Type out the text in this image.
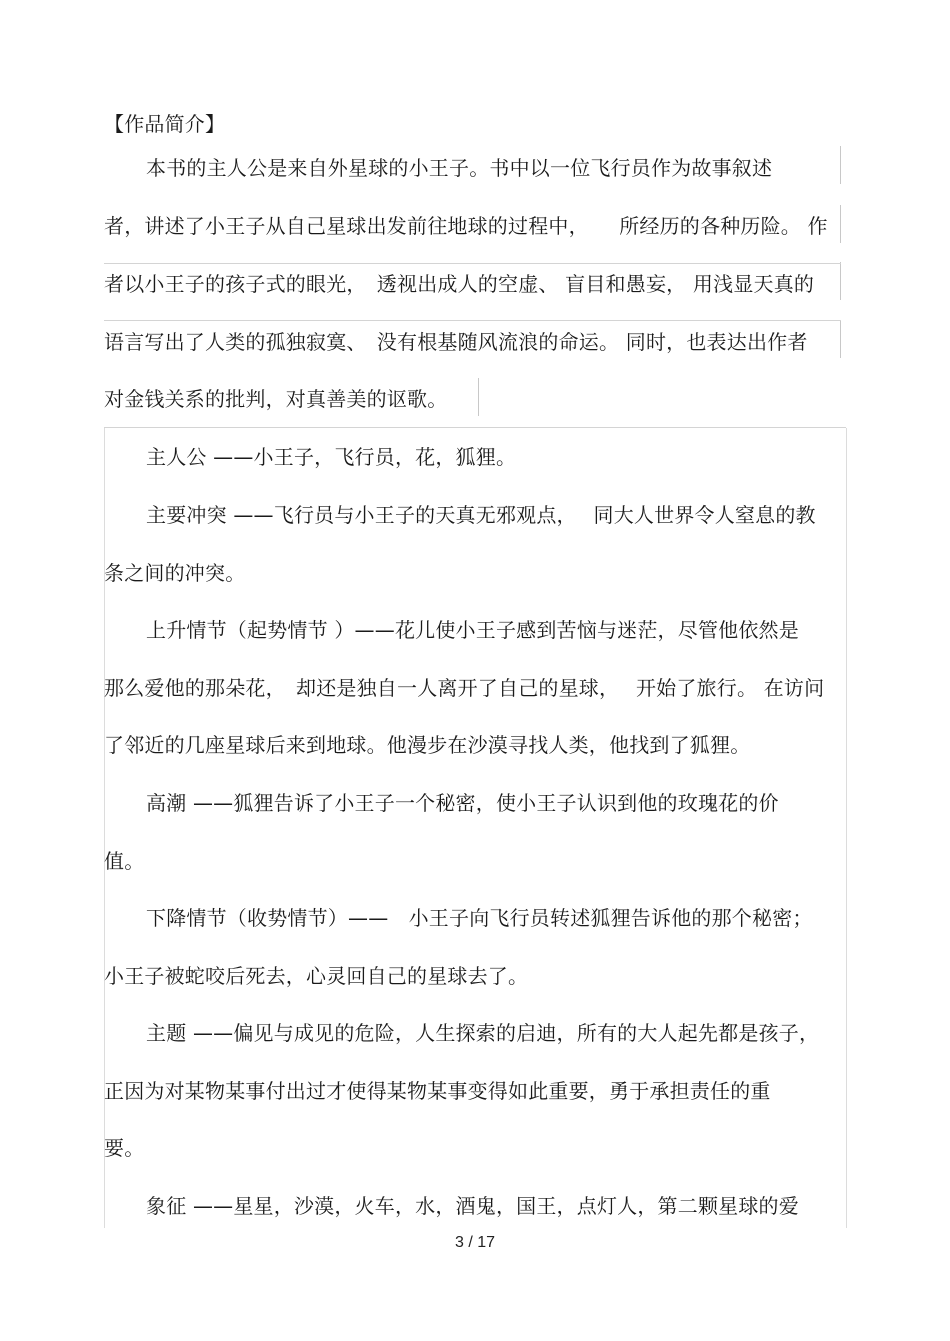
【作品简介】
本书的主人公是来自外星球的小王子。书中以一位飞行员作为故事叙述
者，讲述了小王子从自己星球出发前往地球的过程中，　　所经历的各种历险。 作
者以小王子的孩子式的眼光，　透视出成人的空虚、 盲目和愚妄， 用浅显天真的
语言写出了人类的孤独寂寞、　没有根基随风流浪的命运。 同时，也表达出作者
对金钱关系的批判，对真善美的讴歌。
主人公 ——小王子，飞行员，花，狐狸。
主要冲突 ——飞行员与小王子的天真无邪观点，　 同大人世界令人窒息的教
条之间的冲突。
上升情节（起势情节 ）——花儿使小王子感到苦恼与迷茫，尽管他依然是
那么爱他的那朵花，　却还是独自一人离开了自己的星球，　 开始了旅行。 在访问
了邻近的几座星球后来到地球。他漫步在沙漠寻找人类，他找到了狐狸。
高潮 ——狐狸告诉了小王子一个秘密，使小王子认识到他的玫瑰花的价
值。
下降情节（收势情节）——　小王子向飞行员转述狐狸告诉他的那个秘密；
小王子被蛇咬后死去，心灵回自己的星球去了。
主题 ——偏见与成见的危险，人生探索的启迪，所有的大人起先都是孩子，
正因为对某物某事付出过才使得某物某事变得如此重要，勇于承担责任的重
要。
象征 ——星星，沙漠，火车，水，酒鬼，国王，点灯人，第二颗星球的爱
3 / 17
